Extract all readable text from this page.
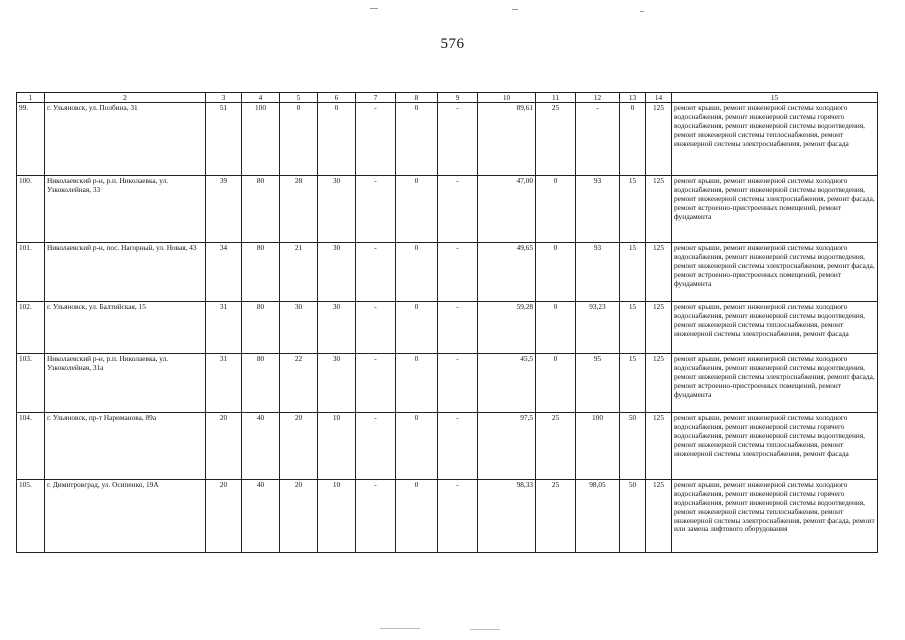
576
1	2	3	4	5	6	7	8	9	10	11	12	13	14	15
99.	г. Ульяновск, ул. Полбина, 31	51	100	0	0	-	0	-	89,61	25	-	0	125	ремонт крыши, ремонт инженерной системы холодного водоснабжения, ремонт инженерной системы горячего водоснабжения, ремонт инженерной системы водоотведения, ремонт инженерной системы теплоснабжения, ремонт инженерной системы электроснабжения, ремонт фасада
100.	Николаевский р-н, р.п. Николаевка, ул. Узкоколейная, 33	39	80	28	30	-	0	-	47,00	0	93	15	125	ремонт крыши, ремонт инженерной системы холодного водоснабжения, ремонт инженерной системы водоотведения, ремонт инженерной системы электроснабжения, ремонт фасада, ремонт встроенно-пристроенных помещений, ремонт фундамента
101.	Николаевский р-н, пос. Нагорный, ул. Новая, 43	34	80	21	30	-	0	-	49,65	0	93	15	125	ремонт крыши, ремонт инженерной системы холодного водоснабжения, ремонт инженерной системы водоотведения, ремонт инженерной системы электроснабжения, ремонт фасада, ремонт встроенно-пристроенных помещений, ремонт фундамента
102.	г. Ульяновск, ул. Балтийская, 15	31	80	30	30	-	0	-	59,28	0	93,23	15	125	ремонт крыши, ремонт инженерной системы холодного водоснабжения, ремонт инженерной системы водоотведения, ремонт инженерной системы теплоснабжения, ремонт инженерной системы электроснабжения, ремонт фасада
103.	Николаевский р-н, р.п. Николаевка, ул. Узкоколейная, 31а	31	80	22	30	-	0	-	45,5	0	95	15	125	ремонт крыши, ремонт инженерной системы холодного водоснабжения, ремонт инженерной системы водоотведения, ремонт инженерной системы электроснабжения, ремонт фасада, ремонт встроенно-пристроенных помещений, ремонт фундамента
104.	г. Ульяновск, пр-т Нариманова, 89а	20	40	20	10	-	0	-	97,5	25	100	50	125	ремонт крыши, ремонт инженерной системы холодного водоснабжения, ремонт инженерной системы горячего водоснабжения, ремонт инженерной системы водоотведения, ремонт инженерной системы теплоснабжения, ремонт инженерной системы электроснабжения, ремонт фасада
105.	г. Димитровград, ул. Осипенко, 19А	20	40	20	10	-	0	-	98,33	25	98,05	50	125	ремонт крыши, ремонт инженерной системы холодного водоснабжения, ремонт инженерной системы горячего водоснабжения, ремонт инженерной системы водоотведения, ремонт инженерной системы теплоснабжения, ремонт инженерной системы электроснабжения, ремонт фасада, ремонт или замена лифтового оборудования
